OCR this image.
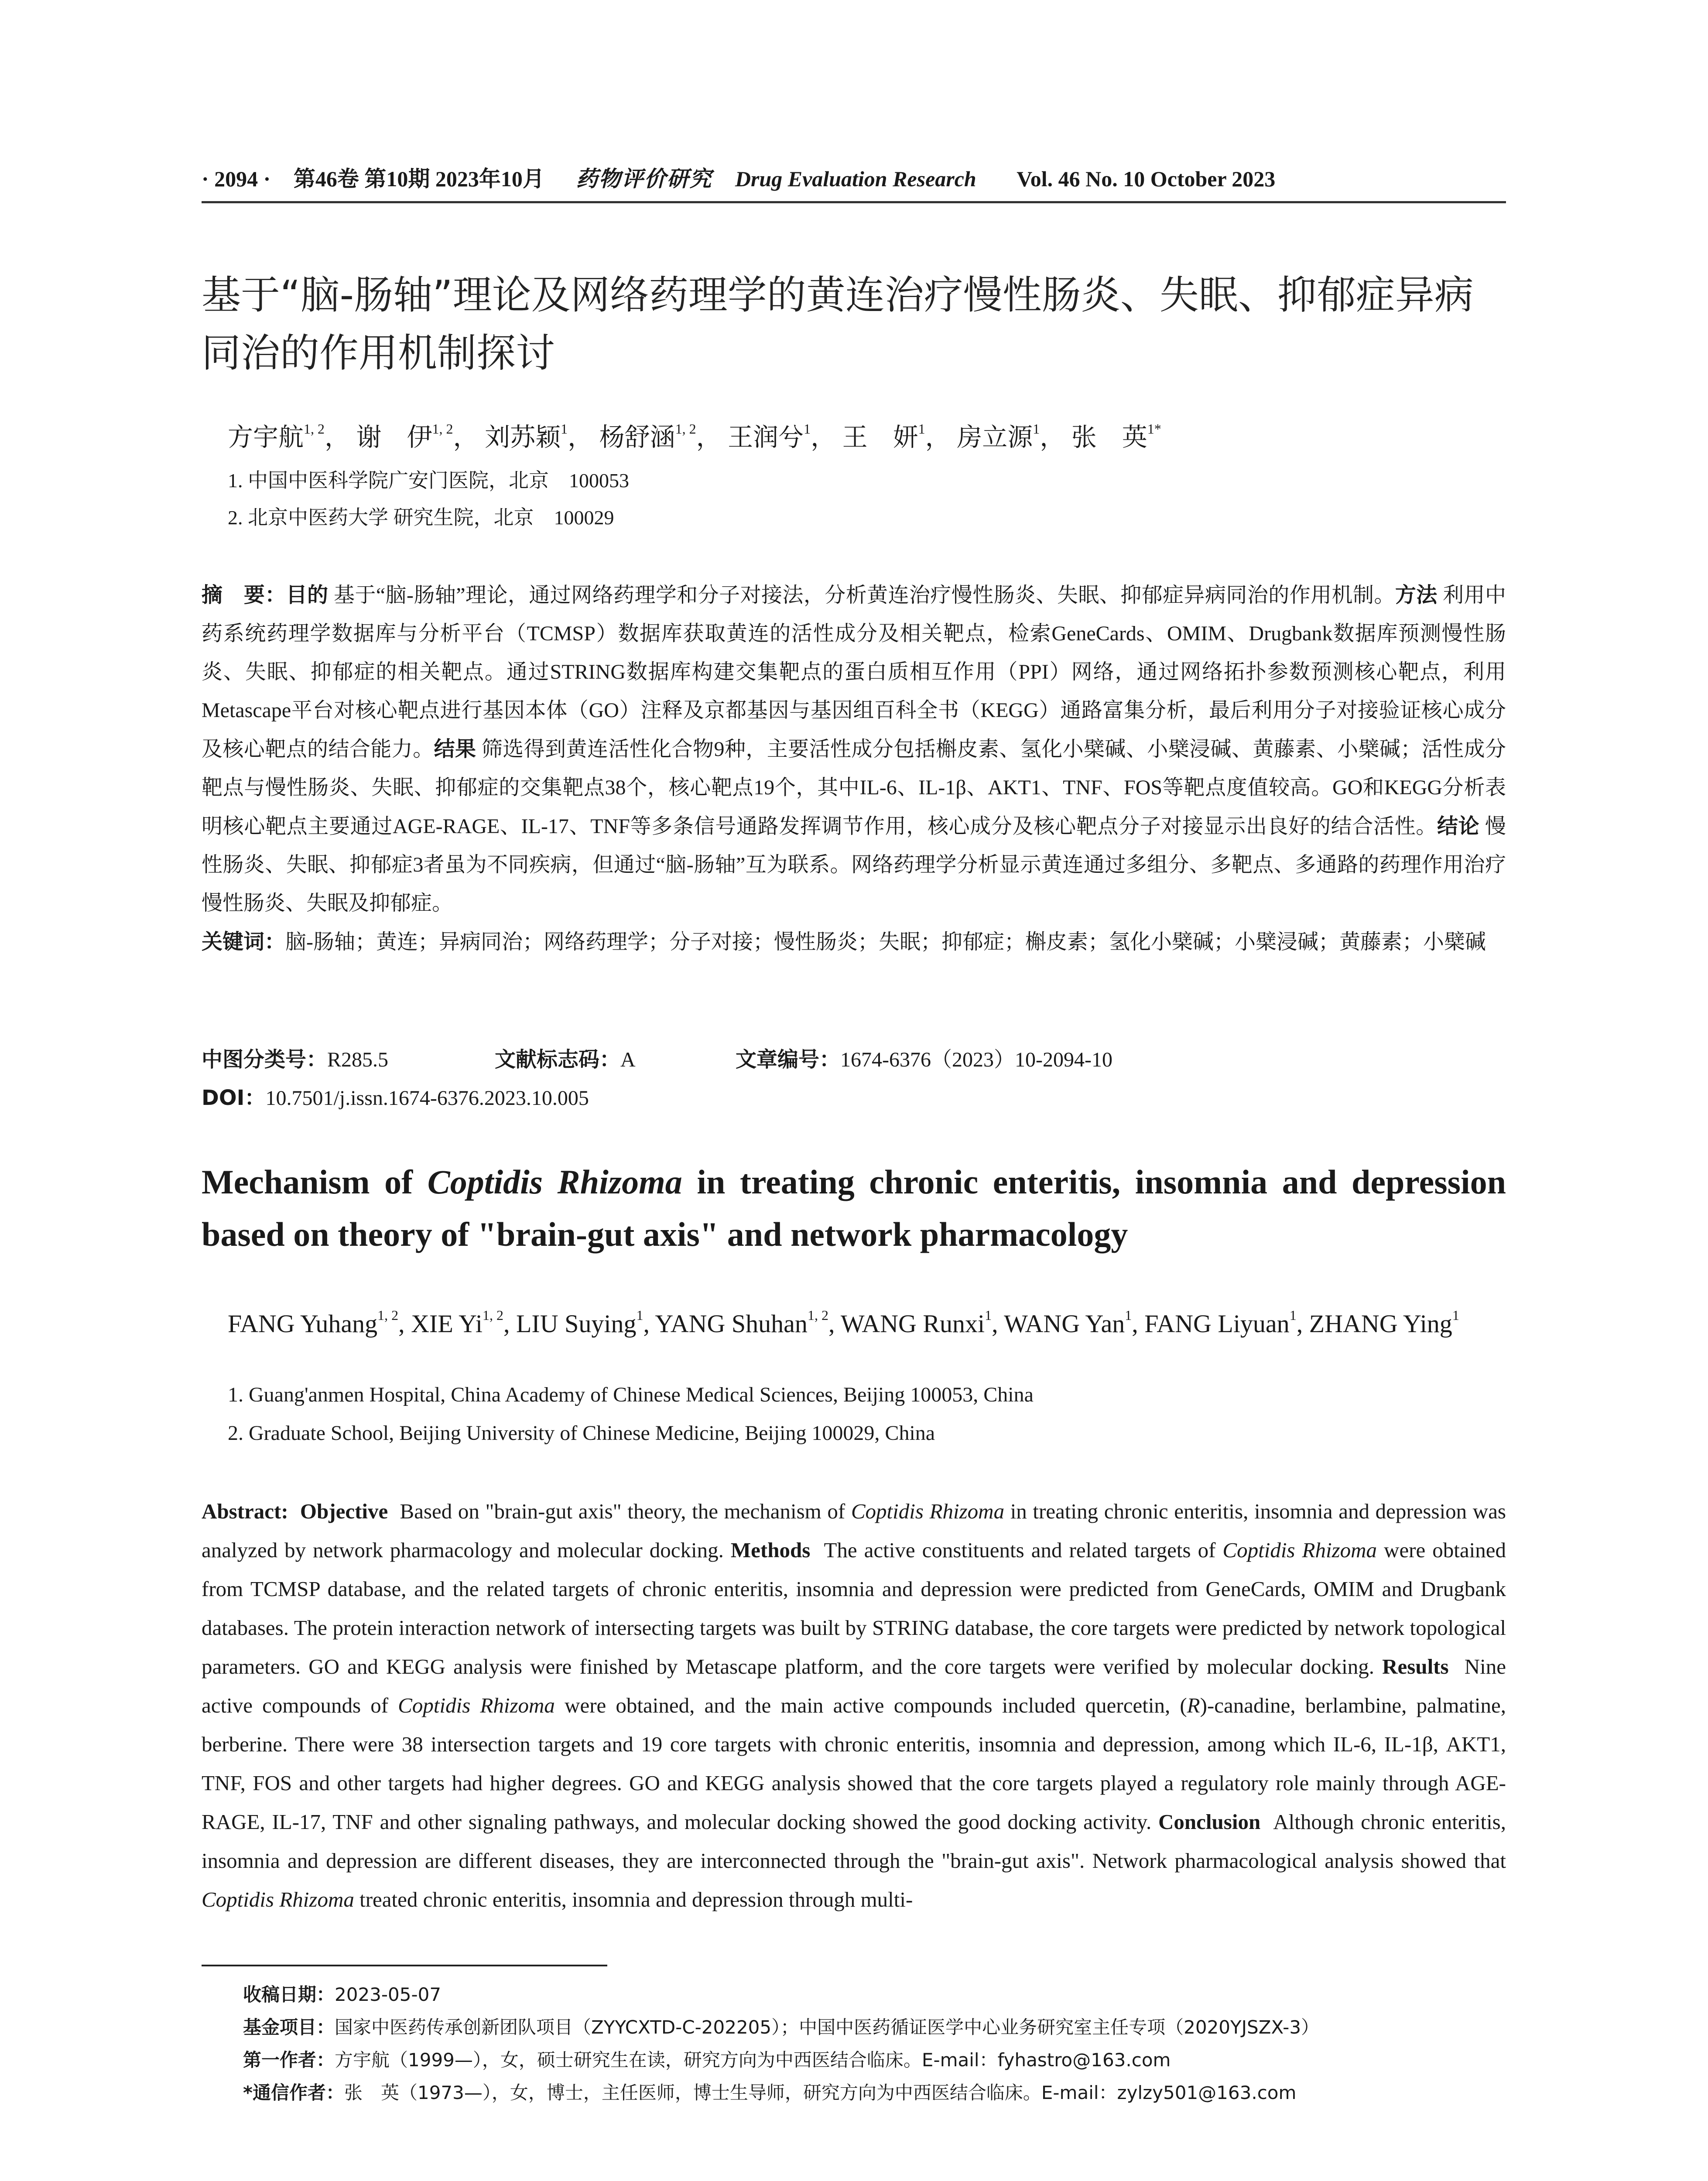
· 2094 · 第46卷 第10期 2023年10月 药物评价研究 Drug Evaluation Research Vol. 46 No. 10 October 2023
基于“脑-肠轴”理论及网络药理学的黄连治疗慢性肠炎、失眠、抑郁症异病同治的作用机制探讨
方宇航$^{1, 2}$， 谢　伊$^{1, 2}$， 刘苏颖$^1$， 杨舒涵$^{1, 2}$， 王润兮$^1$， 王　妍$^1$， 房立源$^1$， 张　英$^{1*}$
1. 中国中医科学院广安门医院，北京　100053
2. 北京中医药大学 研究生院，北京　100029
摘　要：目的 基于“脑-肠轴”理论，通过网络药理学和分子对接法，分析黄连治疗慢性肠炎、失眠、抑郁症异病同治的作用机制。方法 利用中药系统药理学数据库与分析平台（TCMSP）数据库获取黄连的活性成分及相关靶点，检索GeneCards、OMIM、Drugbank数据库预测慢性肠炎、失眠、抑郁症的相关靶点。通过STRING数据库构建交集靶点的蛋白质相互作用（PPI）网络，通过网络拓扑参数预测核心靶点，利用Metascape平台对核心靶点进行基因本体（GO）注释及京都基因与基因组百科全书（KEGG）通路富集分析，最后利用分子对接验证核心成分及核心靶点的结合能力。结果 筛选得到黄连活性化合物9种，主要活性成分包括槲皮素、氢化小檗碱、小檗浸碱、黄藤素、小檗碱；活性成分靶点与慢性肠炎、失眠、抑郁症的交集靶点38个，核心靶点19个，其中IL-6、IL-1β、AKT1、TNF、FOS等靶点度值较高。GO和KEGG分析表明核心靶点主要通过AGE-RAGE、IL-17、TNF等多条信号通路发挥调节作用，核心成分及核心靶点分子对接显示出良好的结合活性。结论 慢性肠炎、失眠、抑郁症3者虽为不同疾病，但通过“脑-肠轴”互为联系。网络药理学分析显示黄连通过多组分、多靶点、多通路的药理作用治疗慢性肠炎、失眠及抑郁症。
关键词：脑-肠轴；黄连；异病同治；网络药理学；分子对接；慢性肠炎；失眠；抑郁症；槲皮素；氢化小檗碱；小檗浸碱；黄藤素；小檗碱
中图分类号：R285.5	文献标志码：A	文章编号：1674-6376（2023）10-2094-10
DOI：10.7501/j.issn.1674-6376.2023.10.005
Mechanism of Coptidis Rhizoma in treating chronic enteritis, insomnia and depression based on theory of "brain-gut axis" and network pharmacology
FANG Yuhang$^{1, 2}$, XIE Yi$^{1, 2}$, LIU Suying$^1$, YANG Shuhan$^{1, 2}$, WANG Runxi$^1$, WANG Yan$^1$, FANG Liyuan$^1$, ZHANG Ying$^1$
1. Guang'anmen Hospital, China Academy of Chinese Medical Sciences, Beijing 100053, China
2. Graduate School, Beijing University of Chinese Medicine, Beijing 100029, China
Abstract: Objective Based on "brain-gut axis" theory, the mechanism of Coptidis Rhizoma in treating chronic enteritis, insomnia and depression was analyzed by network pharmacology and molecular docking. Methods The active constituents and related targets of Coptidis Rhizoma were obtained from TCMSP database, and the related targets of chronic enteritis, insomnia and depression were predicted from GeneCards, OMIM and Drugbank databases. The protein interaction network of intersecting targets was built by STRING database, the core targets were predicted by network topological parameters. GO and KEGG analysis were finished by Metascape platform, and the core targets were verified by molecular docking. Results Nine active compounds of Coptidis Rhizoma were obtained, and the main active compounds included quercetin, (R)-canadine, berlambine, palmatine, berberine. There were 38 intersection targets and 19 core targets with chronic enteritis, insomnia and depression, among which IL-6, IL-1β, AKT1, TNF, FOS and other targets had higher degrees. GO and KEGG analysis showed that the core targets played a regulatory role mainly through AGE-RAGE, IL-17, TNF and other signaling pathways, and molecular docking showed the good docking activity. Conclusion Although chronic enteritis, insomnia and depression are different diseases, they are interconnected through the "brain-gut axis". Network pharmacological analysis showed that Coptidis Rhizoma treated chronic enteritis, insomnia and depression through multi-
收稿日期：2023-05-07
基金项目：国家中医药传承创新团队项目（ZYYCXTD-C-202205）；中国中医药循证医学中心业务研究室主任专项（2020YJSZX-3）
第一作者：方宇航（1999—），女，硕士研究生在读，研究方向为中西医结合临床。E-mail：fyhastro@163.com
*通信作者：张　英（1973—），女，博士，主任医师，博士生导师，研究方向为中西医结合临床。E-mail：zylzy501@163.com
